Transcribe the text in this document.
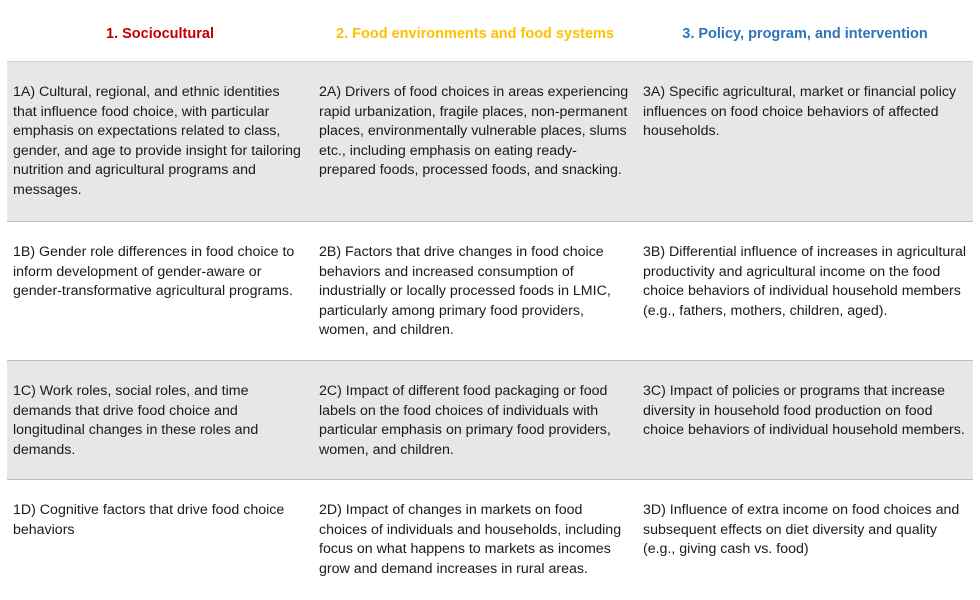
1. Sociocultural	2. Food environments and food systems	3. Policy, program, and intervention
1A) Cultural, regional, and ethnic identities that influence food choice, with particular emphasis on expectations related to class, gender, and age to provide insight for tailoring nutrition and agricultural programs and messages.
2A) Drivers of food choices in areas experiencing rapid urbanization, fragile places, non-permanent places, environmentally vulnerable places, slums etc., including emphasis on eating ready-prepared foods, processed foods, and snacking.
3A) Specific agricultural, market or financial policy influences on food choice behaviors of affected households.
1B) Gender role differences in food choice to inform development of gender-aware or gender-transformative agricultural programs.
2B) Factors that drive changes in food choice behaviors and increased consumption of industrially or locally processed foods in LMIC, particularly among primary food providers, women, and children.
3B) Differential influence of increases in agricultural productivity and agricultural income on the food choice behaviors of individual household members (e.g., fathers, mothers, children, aged).
1C) Work roles, social roles, and time demands that drive food choice and longitudinal changes in these roles and demands.
2C) Impact of different food packaging or food labels on the food choices of individuals with particular emphasis on primary food providers, women, and children.
3C) Impact of policies or programs that increase diversity in household food production on food choice behaviors of individual household members.
1D) Cognitive factors that drive food choice behaviors
2D) Impact of changes in markets on food choices of individuals and households, including focus on what happens to markets as incomes grow and demand increases in rural areas.
3D) Influence of extra income on food choices and subsequent effects on diet diversity and quality (e.g., giving cash vs. food)
